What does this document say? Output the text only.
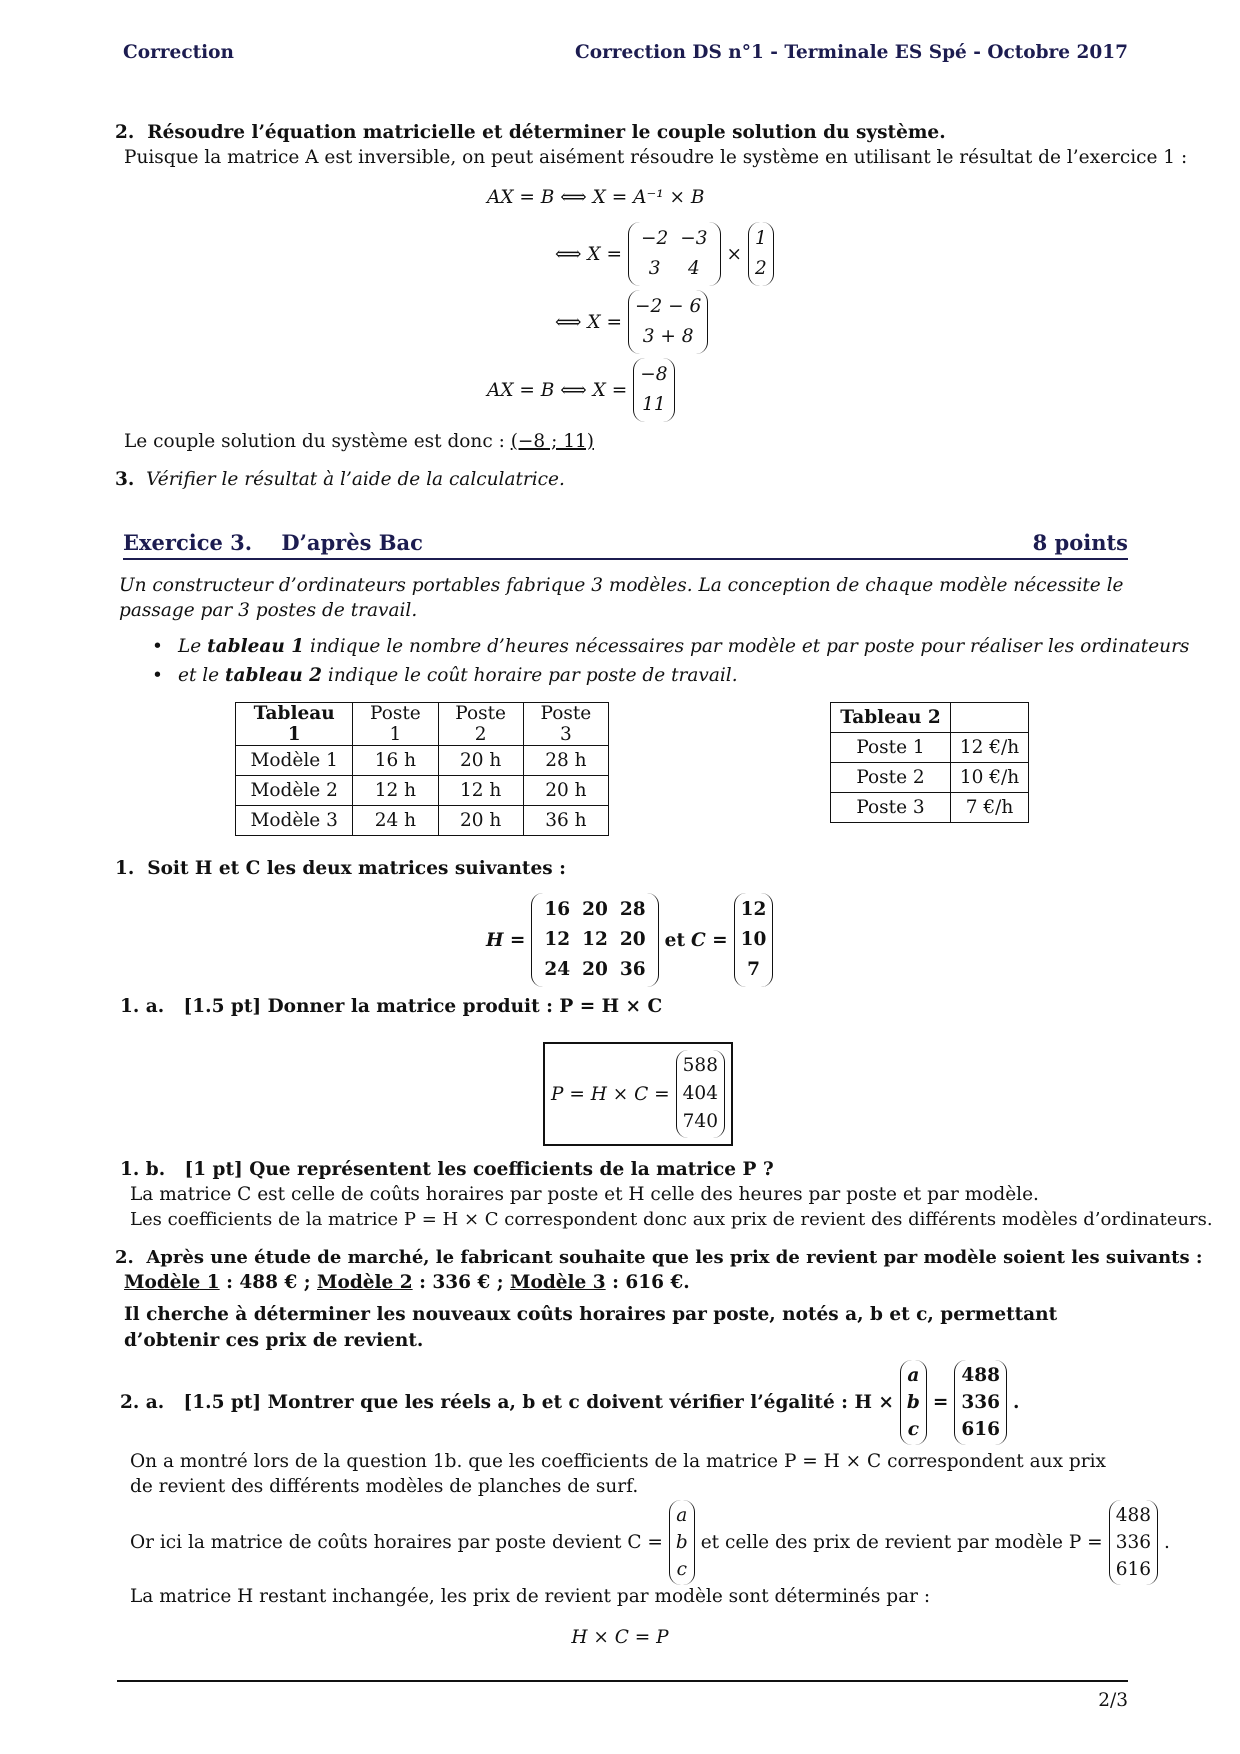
Correction	Correction DS n°1 - Terminale ES Spé - Octobre 2017
2. Résoudre l’équation matricielle et déterminer le couple solution du système.
Puisque la matrice A est inversible, on peut aisément résoudre le système en utilisant le résultat de l’exercice 1 :
AX = B ⟺ X = A⁻¹ × B
⟺ X =
−2	−3
3	4
×
1
2
⟺ X =
−2 − 6
3 + 8
AX = B ⟺ X =
−8
11
Le couple solution du système est donc : (−8 ; 11)
3. Vérifier le résultat à l’aide de la calculatrice.
Exercice 3. D’après Bac	8 points
Un constructeur d’ordinateurs portables fabrique 3 modèles. La conception de chaque modèle nécessite le passage par 3 postes de travail.
• Le tableau 1 indique le nombre d’heures nécessaires par modèle et par poste pour réaliser les ordinateurs
• et le tableau 2 indique le coût horaire par poste de travail.
Tableau 1	Poste 1	Poste 2	Poste 3
Modèle 1	16 h	20 h	28 h
Modèle 2	12 h	12 h	20 h
Modèle 3	24 h	20 h	36 h
Tableau 2	
Poste 1	12 €/h
Poste 2	10 €/h
Poste 3	7 €/h
1. Soit H et C les deux matrices suivantes :
H =
16	20	28
12	12	20
24	20	36
et C =
12
10
7
1. a. [1.5 pt] Donner la matrice produit : P = H × C
P = H × C =
588
404
740
1. b. [1 pt] Que représentent les coefficients de la matrice P ?
La matrice C est celle de coûts horaires par poste et H celle des heures par poste et par modèle.
Les coefficients de la matrice P = H × C correspondent donc aux prix de revient des différents modèles d’ordinateurs.
2. Après une étude de marché, le fabricant souhaite que les prix de revient par modèle soient les suivants :
Modèle 1 : 488 € ; Modèle 2 : 336 € ; Modèle 3 : 616 €.
Il cherche à déterminer les nouveaux coûts horaires par poste, notés a, b et c, permettant d’obtenir ces prix de revient.
2. a. [1.5 pt] Montrer que les réels a, b et c doivent vérifier l’égalité : H ×
a
b
c
=
488
336
616
.
On a montré lors de la question 1b. que les coefficients de la matrice P = H × C correspondent aux prix de revient des différents modèles de planches de surf.
Or ici la matrice de coûts horaires par poste devient C =
a
b
c
et celle des prix de revient par modèle P =
488
336
616
.
La matrice H restant inchangée, les prix de revient par modèle sont déterminés par :
H × C = P
2/3
